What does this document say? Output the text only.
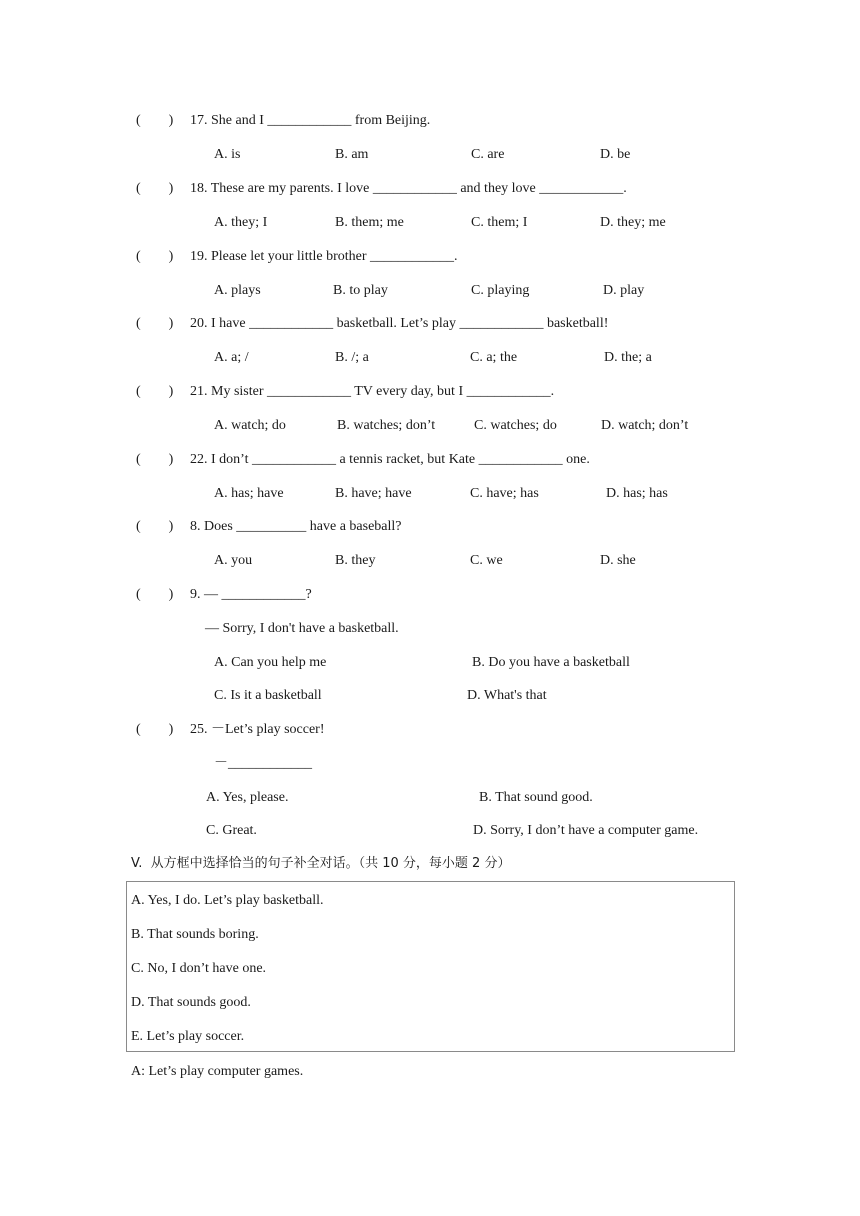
(        ) 17. She and I ____________ from Beijing.
A. is	B. am	C. are	D. be
(        ) 18. These are my parents. I love ____________ and they love ____________.
A. they; I	B. them; me	C. them; I	D. they; me
(        ) 19. Please let your little brother ____________.
A. plays	B. to play	C. playing	D. play
(        ) 20. I have ____________ basketball. Let’s play ____________ basketball!
A. a; /	B. /; a	C. a; the	D. the; a
(        ) 21. My sister ____________ TV every day, but I ____________.
A. watch; do	B. watches; don’t	C. watches; do	D. watch; don’t
(        ) 22. I don’t ____________ a tennis racket, but Kate ____________ one.
A. has; have	B. have; have	C. have; has	D. has; has
(        ) 8. Does __________ have a baseball?
A. you	B. they	C. we	D. she
(        ) 9. — ____________?
— Sorry, I don't have a basketball.
A. Can you help me	B. Do you have a basketball
C. Is it a basketball	D. What's that
(        ) 25. －Let’s play soccer!
－____________
A. Yes, please.	B. That sound good.
C. Great.	D. Sorry, I don’t have a computer game.
V.  从方框中选择恰当的句子补全对话。（共 10 分，每小题 2 分）
A. Yes, I do. Let’s play basketball.
B. That sounds boring.
C. No, I don’t have one.
D. That sounds good.
E. Let’s play soccer.
A: Let’s play computer games.
